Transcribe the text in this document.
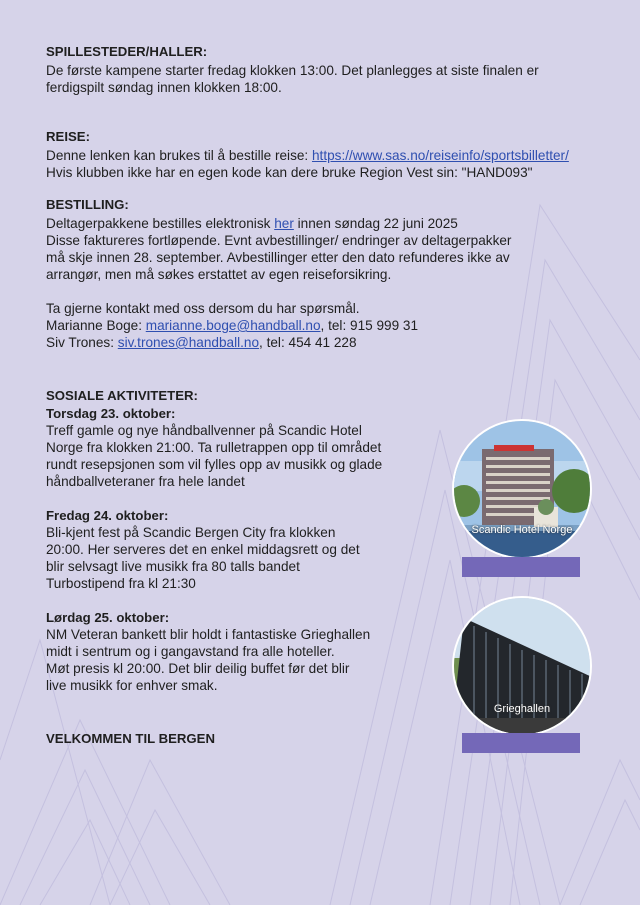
SPILLESTEDER/HALLER:
De første kampene starter fredag klokken 13:00. Det planlegges at siste finalen er
ferdigspilt søndag innen klokken 18:00.
REISE:
Denne lenken kan brukes til å bestille reise: https://www.sas.no/reiseinfo/sportsbilletter/
Hvis klubben ikke har en egen kode kan dere bruke Region Vest sin: "HAND093"
BESTILLING:
Deltagerpakkene bestilles elektronisk her innen søndag 22 juni 2025
Disse faktureres fortløpende. Evnt avbestillinger/ endringer av deltagerpakker
må skje innen 28. september. Avbestillinger etter den dato refunderes ikke av
arrangør, men må søkes erstattet av egen reiseforsikring.
Ta gjerne kontakt med oss dersom du har spørsmål.
Marianne Boge: marianne.boge@handball.no, tel: 915 999 31
Siv Trones: siv.trones@handball.no, tel: 454 41 228
SOSIALE AKTIVITETER:
Torsdag 23. oktober:
Treff gamle og nye håndballvenner på Scandic Hotel
Norge fra klokken 21:00. Ta rulletrappen opp til området
rundt resepsjonen som vil fylles opp av musikk og glade
håndballveteraner fra hele landet
Fredag 24. oktober:
Bli-kjent fest på Scandic Bergen City fra klokken
20:00. Her serveres det en enkel middagsrett og det
blir selvsagt live musikk fra 80 talls bandet
Turbostipend fra kl 21:30
Lørdag 25. oktober:
NM Veteran bankett blir holdt i fantastiske Grieghallen
midt i sentrum og i gangavstand fra alle hoteller.
Møt presis kl 20:00. Det blir deilig buffet før det blir
live musikk for enhver smak.
VELKOMMEN TIL BERGEN
Scandic Hotel Norge
Grieghallen
